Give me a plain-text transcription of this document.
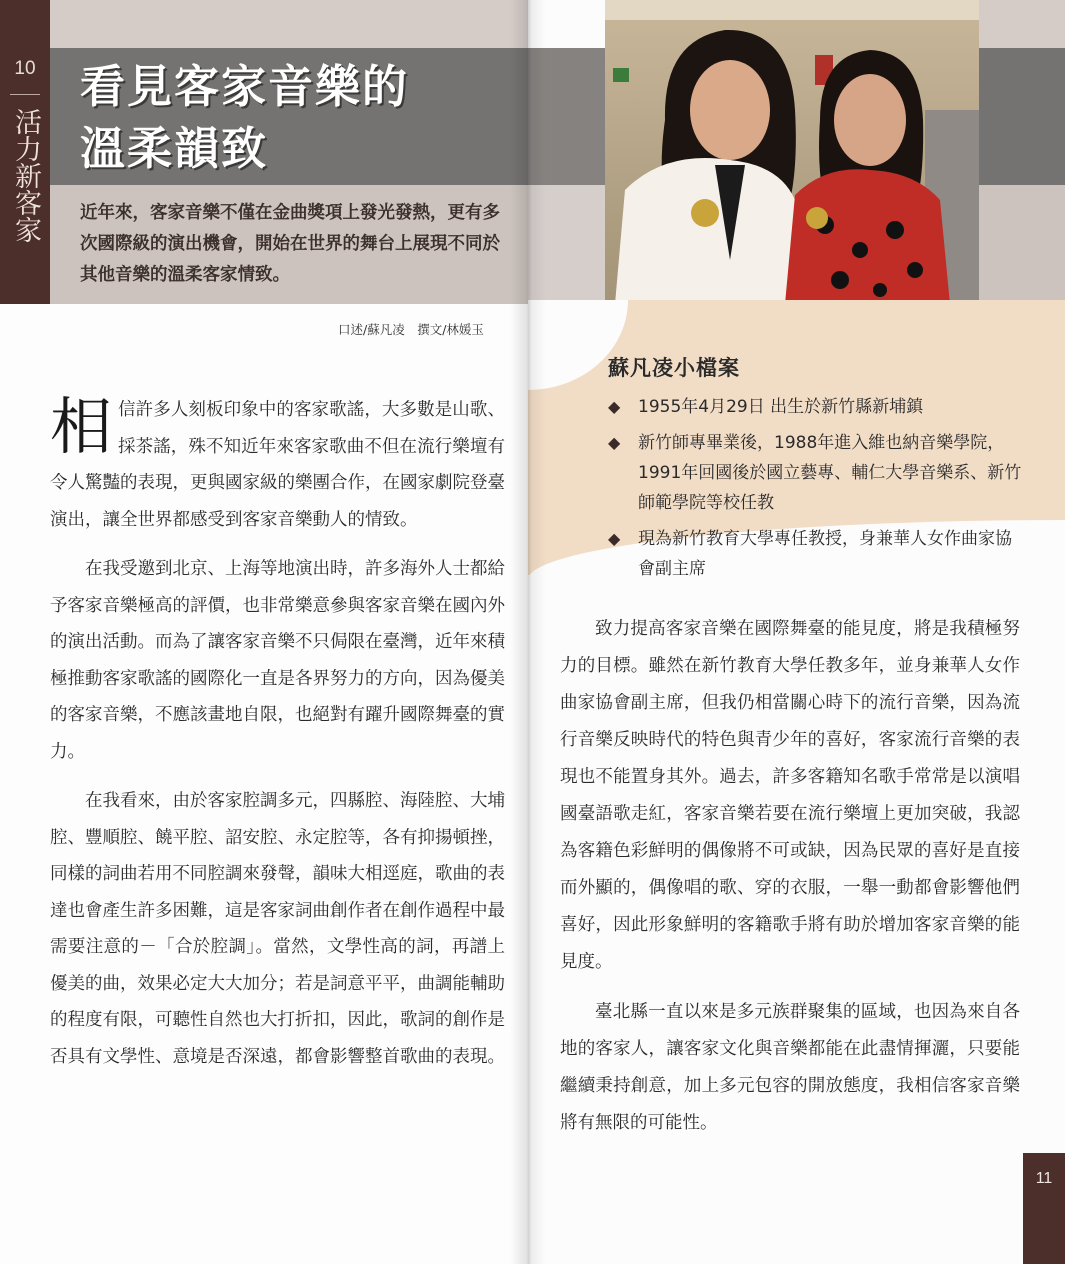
10
活力新客家
看見客家音樂的
溫柔韻致
近年來，客家音樂不僅在金曲獎項上發光發熱，更有多次國際級的演出機會，開始在世界的舞台上展現不同於其他音樂的溫柔客家情致。
口述/蘇凡凌　撰文/林媛玉

相信許多人刻板印象中的客家歌謠，大多數是山歌、採茶謠，殊不知近年來客家歌曲不但在流行樂壇有令人驚豔的表現，更與國家級的樂團合作，在國家劇院登臺演出，讓全世界都感受到客家音樂動人的情致。

在我受邀到北京、上海等地演出時，許多海外人士都給予客家音樂極高的評價，也非常樂意參與客家音樂在國內外的演出活動。而為了讓客家音樂不只侷限在臺灣，近年來積極推動客家歌謠的國際化一直是各界努力的方向，因為優美的客家音樂，不應該畫地自限，也絕對有躍升國際舞臺的實力。

在我看來，由於客家腔調多元，四縣腔、海陸腔、大埔腔、豐順腔、饒平腔、詔安腔、永定腔等，各有抑揚頓挫，同樣的詞曲若用不同腔調來發聲，韻味大相逕庭，歌曲的表達也會產生許多困難，這是客家詞曲創作者在創作過程中最需要注意的－「合於腔調」。當然，文學性高的詞，再譜上優美的曲，效果必定大大加分；若是詞意平平，曲調能輔助的程度有限，可聽性自然也大打折扣，因此，歌詞的創作是否具有文學性、意境是否深遠，都會影響整首歌曲的表現。

蘇凡凌小檔案
◆ 1955年4月29日 出生於新竹縣新埔鎮
◆ 新竹師專畢業後，1988年進入維也納音樂學院，1991年回國後於國立藝專、輔仁大學音樂系、新竹師範學院等校任教
◆ 現為新竹教育大學專任教授，身兼華人女作曲家協會副主席

致力提高客家音樂在國際舞臺的能見度，將是我積極努力的目標。雖然在新竹教育大學任教多年，並身兼華人女作曲家協會副主席，但我仍相當關心時下的流行音樂，因為流行音樂反映時代的特色與青少年的喜好，客家流行音樂的表現也不能置身其外。過去，許多客籍知名歌手常常是以演唱國臺語歌走紅，客家音樂若要在流行樂壇上更加突破，我認為客籍色彩鮮明的偶像將不可或缺，因為民眾的喜好是直接而外顯的，偶像唱的歌、穿的衣服，一舉一動都會影響他們喜好，因此形象鮮明的客籍歌手將有助於增加客家音樂的能見度。

臺北縣一直以來是多元族群聚集的區域，也因為來自各地的客家人，讓客家文化與音樂都能在此盡情揮灑，只要能繼續秉持創意，加上多元包容的開放態度，我相信客家音樂將有無限的可能性。

11
